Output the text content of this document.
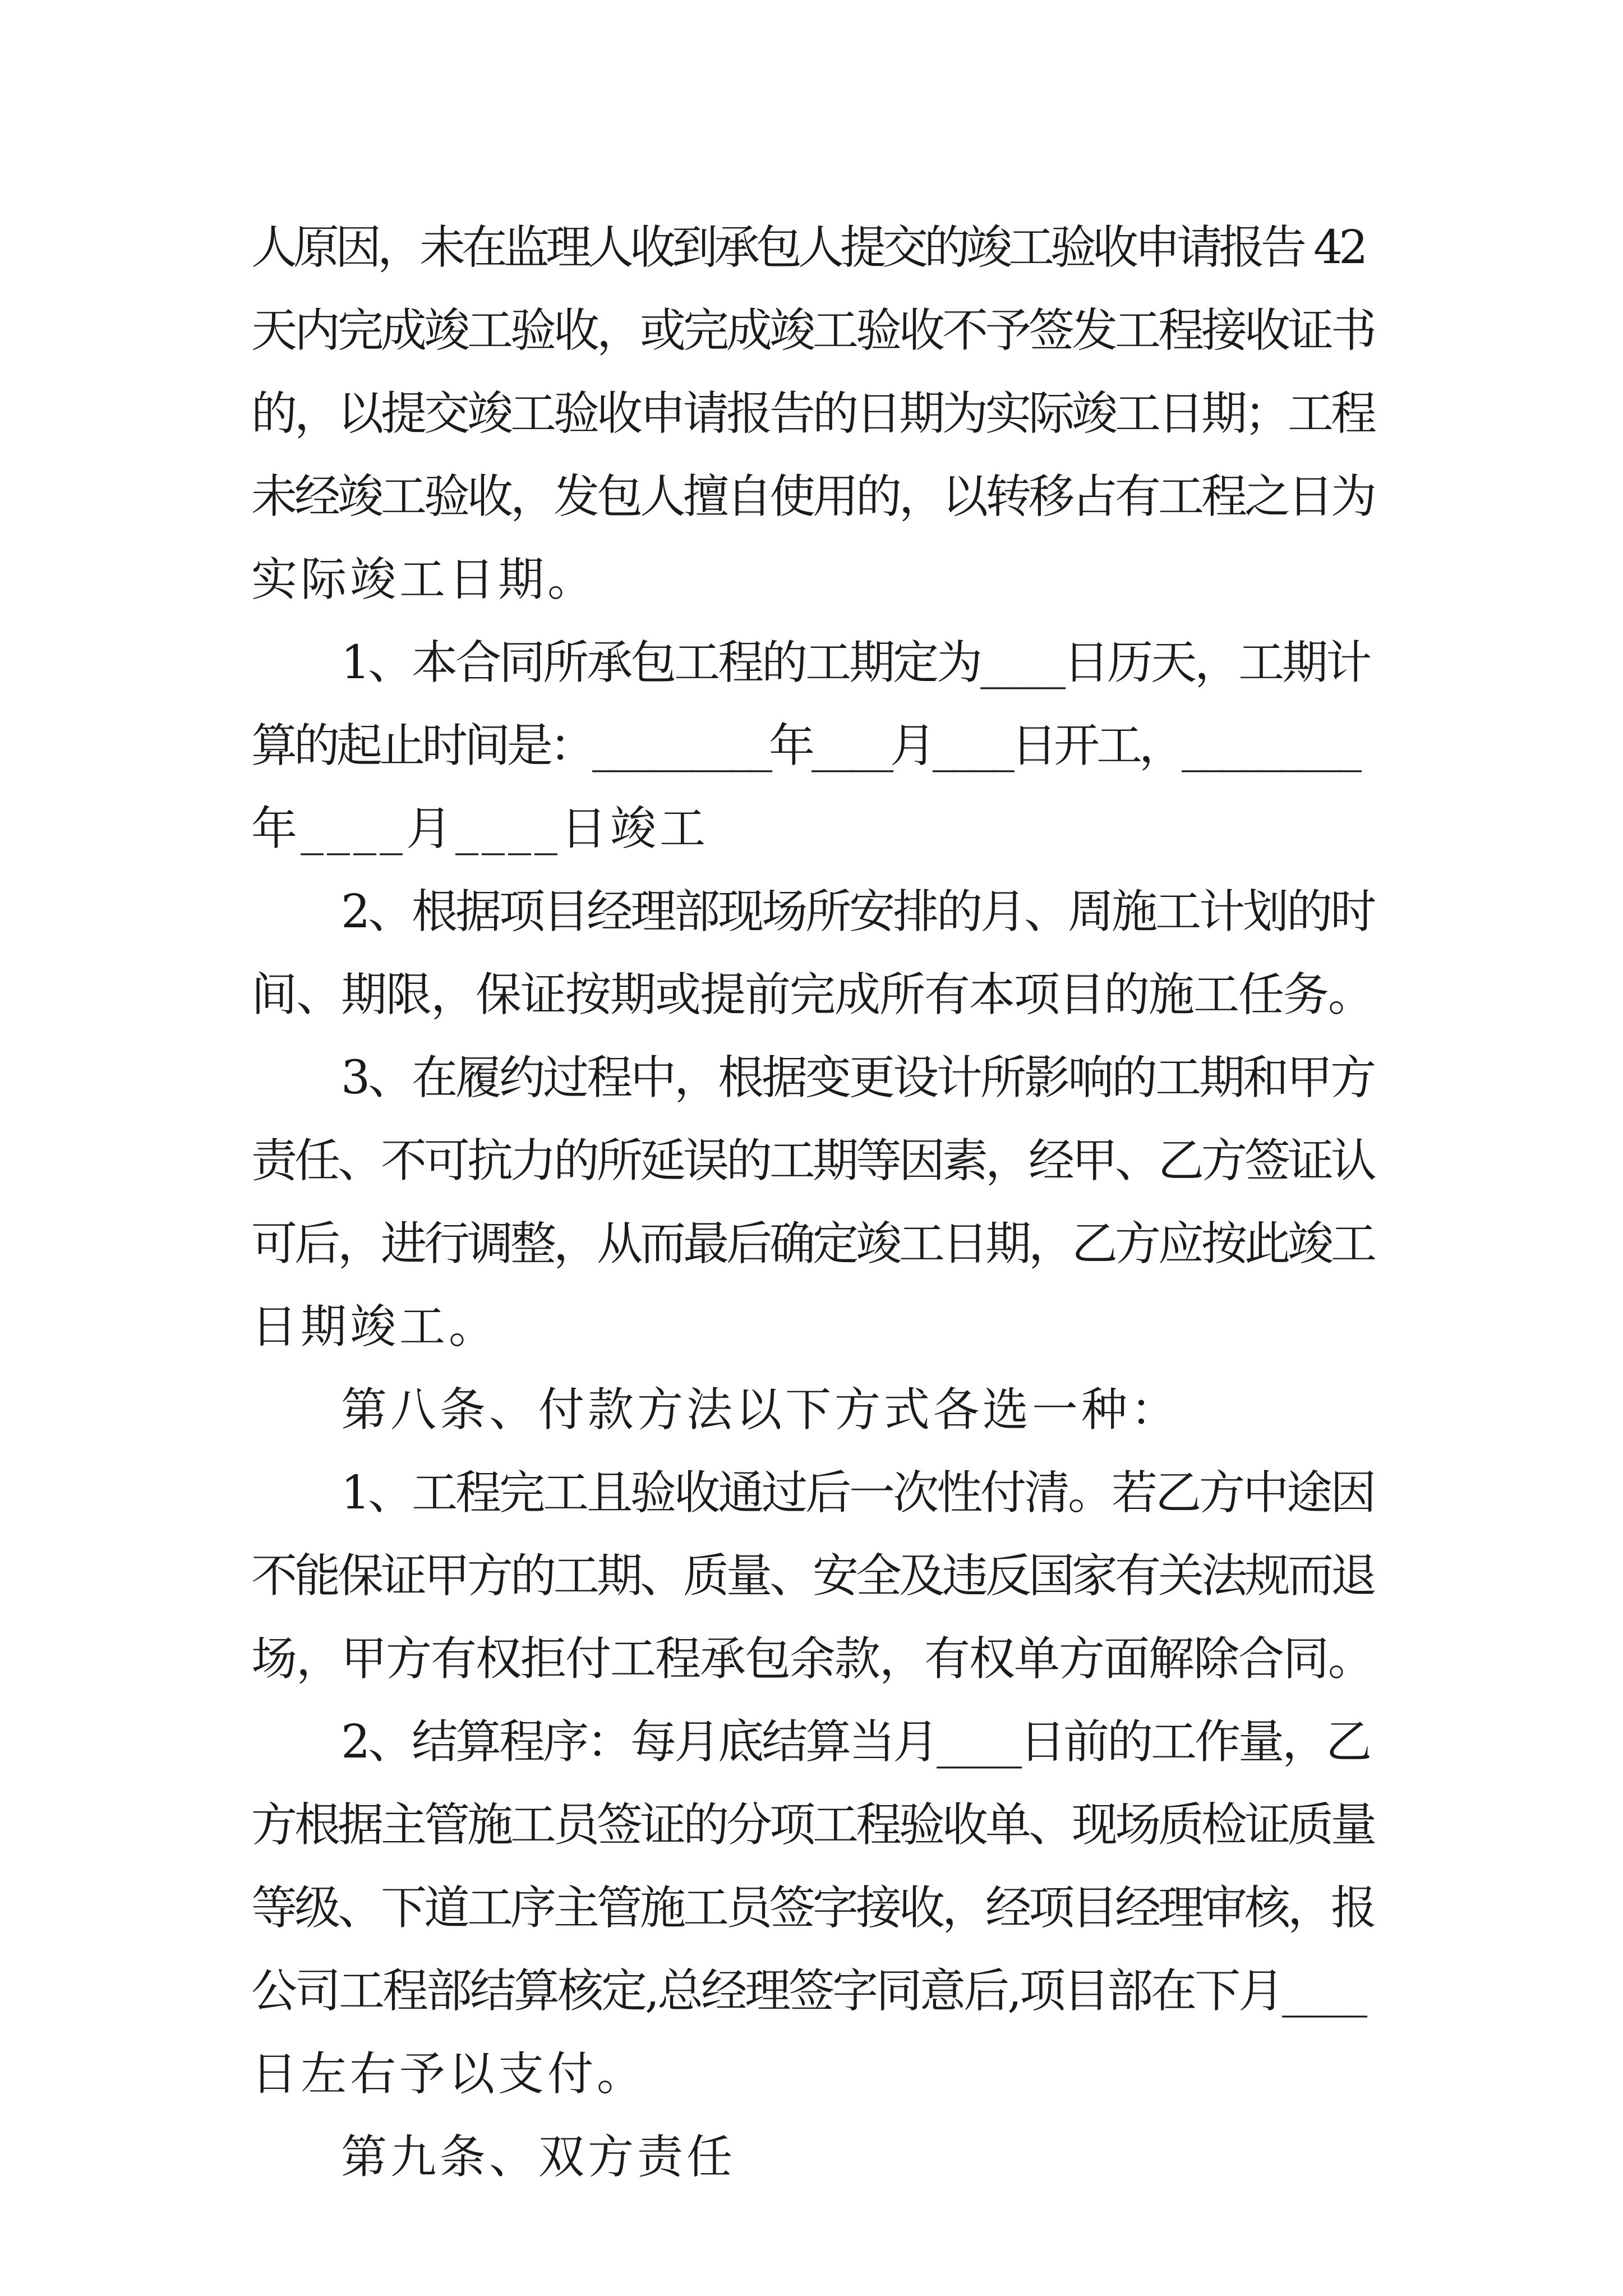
人原因，未在监理人收到承包人提交的竣工验收申请报告 42
天内完成竣工验收，或完成竣工验收不予签发工程接收证书
的，以提交竣工验收申请报告的日期为实际竣工日期；工程
未经竣工验收，发包人擅自使用的，以转移占有工程之日为
实际竣工日期。
1、本合同所承包工程的工期定为____日历天，工期计
算的起止时间是：_________年____月____日开工，_________
年____月____日竣工
2、根据项目经理部现场所安排的月、周施工计划的时
间、期限，保证按期或提前完成所有本项目的施工任务。
3、在履约过程中，根据变更设计所影响的工期和甲方
责任、不可抗力的所延误的工期等因素，经甲、乙方签证认
可后，进行调整，从而最后确定竣工日期，乙方应按此竣工
日期竣工。
第八条、付款方法以下方式各选一种：
1、工程完工且验收通过后一次性付清。若乙方中途因
不能保证甲方的工期、质量、安全及违反国家有关法规而退
场，甲方有权拒付工程承包余款，有权单方面解除合同。
2、结算程序：每月底结算当月____日前的工作量，乙
方根据主管施工员签证的分项工程验收单、现场质检证质量
等级、下道工序主管施工员签字接收，经项目经理审核，报
公司工程部结算核定,总经理签字同意后,项目部在下月____
日左右予以支付。
第九条、双方责任
